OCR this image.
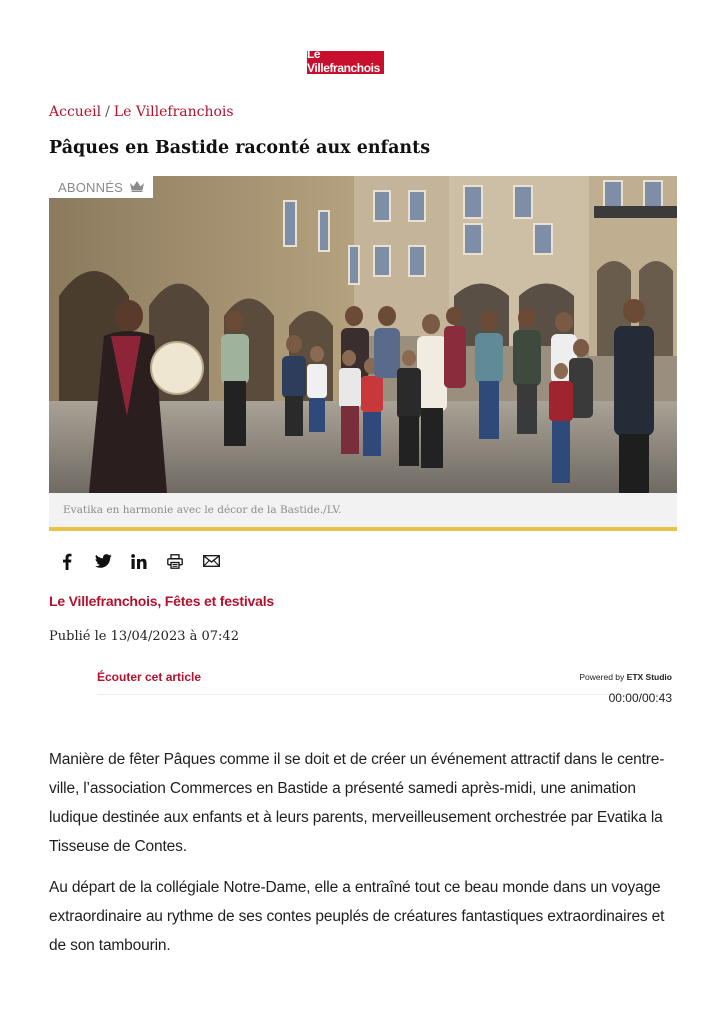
Le Villefranchois
HEBDOMADAIRE · OUEST-AVEYRON
Accueil / Le Villefranchois
Pâques en Bastide raconté aux enfants
ABONNÉS

Evatika en harmonie avec le décor de la Bastide./LV.

Le Villefranchois, Fêtes et festivals

Publié le 13/04/2023 à 07:42

Écouter cet article	Powered by ETX Studio
00:00/00:43

Manière de fêter Pâques comme il se doit et de créer un événement attractif dans le centre-ville, l’association Commerces en Bastide a présenté samedi après-midi, une animation ludique destinée aux enfants et à leurs parents, merveilleusement orchestrée par Evatika la Tisseuse de Contes.

Au départ de la collégiale Notre-Dame, elle a entraîné tout ce beau monde dans un voyage extraordinaire au rythme de ses contes peuplés de créatures fantastiques extraordinaires et de son tambourin.
